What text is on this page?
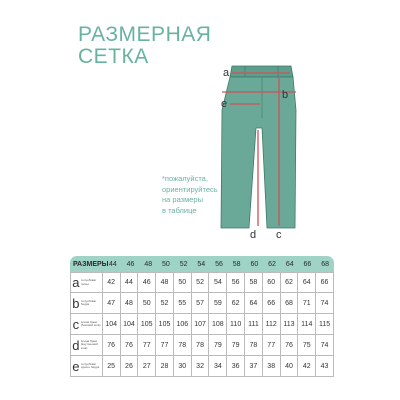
РАЗМЕРНАЯ
СЕТКА
a
b
e
d c
*пожалуйста,
ориентируйтесь
на размеры
в таблице
РАЗМЕРЫ 44	46	48	50	52	54	56	58	60	62	64	66	68
a полуобхват талии	42	44	46	48	50	52	54	56	58	60	62	64	66
b полуобхват бедра	47	48	50	52	55	57	59	62	64	66	68	71	74
c длина брюк (боковой шов) 104 104 105 105 106 107 108 110 111 112 113 114 115
d длина брюк (внутренний шов)	76	76	77	77	78	78	79	79	78	77	76	75	74
e полуобхват одного бедра	25	26	27	28	30	32	34	36	37	38	40	42	43
